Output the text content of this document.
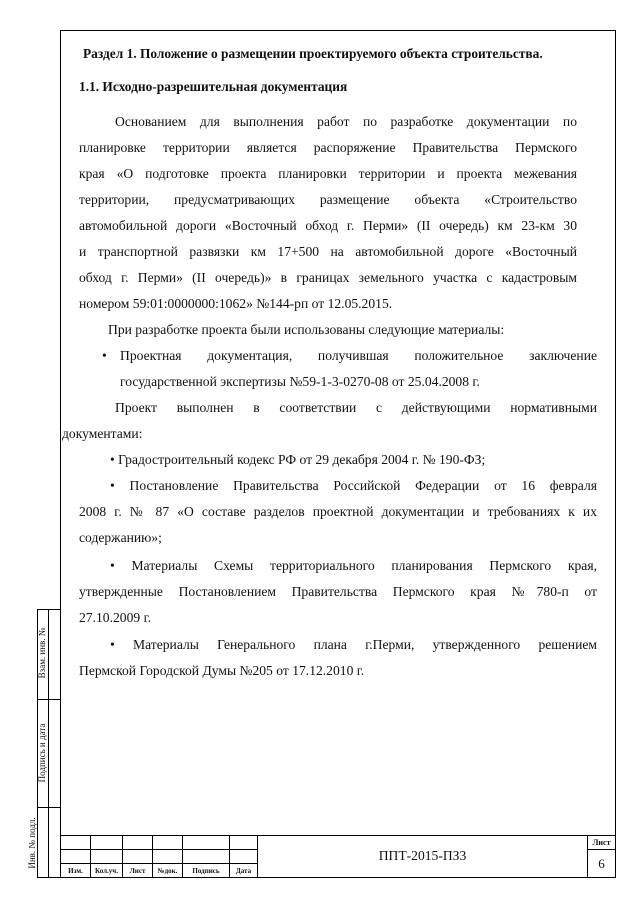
Взам. инв. №
Подпись и дата
Инв. № подл.
Раздел 1. Положение о размещении проектируемого объекта строительства.
1.1. Исходно-разрешительная документация
Основанием для выполнения работ по разработке документации по
планировке территории является распоряжение Правительства Пермского
края «О подготовке проекта планировки территории и проекта межевания
территории, предусматривающих размещение объекта «Строительство
автомобильной дороги «Восточный обход г. Перми» (II очередь) км 23-км 30
и транспортной развязки км 17+500 на автомобильной дороге «Восточный
обход г. Перми» (II очередь)» в границах земельного участка с кадастровым
номером 59:01:0000000:1062» №144-рп от 12.05.2015.
При разработке проекта были использованы следующие материалы:
• Проектная документация, получившая положительное заключение
государственной экспертизы №59-1-3-0270-08 от 25.04.2008 г.
Проект выполнен в соответствии с действующими нормативными
документами:
• Градостроительный кодекс РФ от 29 декабря 2004 г. № 190-ФЗ;
• Постановление Правительства Российской Федерации от 16 февраля
2008 г. № 87 «О составе разделов проектной документации и требованиях к их
содержанию»;
• Материалы Схемы территориального планирования Пермского края,
утвержденные Постановлением Правительства Пермского края №780-п от
27.10.2009 г.
• Материалы Генерального плана г.Перми, утвержденного решением
Пермской Городской Думы №205 от 17.12.2010 г.
Изм.	Кол.уч.	Лист	№док.	Подпись	Дата
ППТ-2015-ПЗ3
Лист
6
